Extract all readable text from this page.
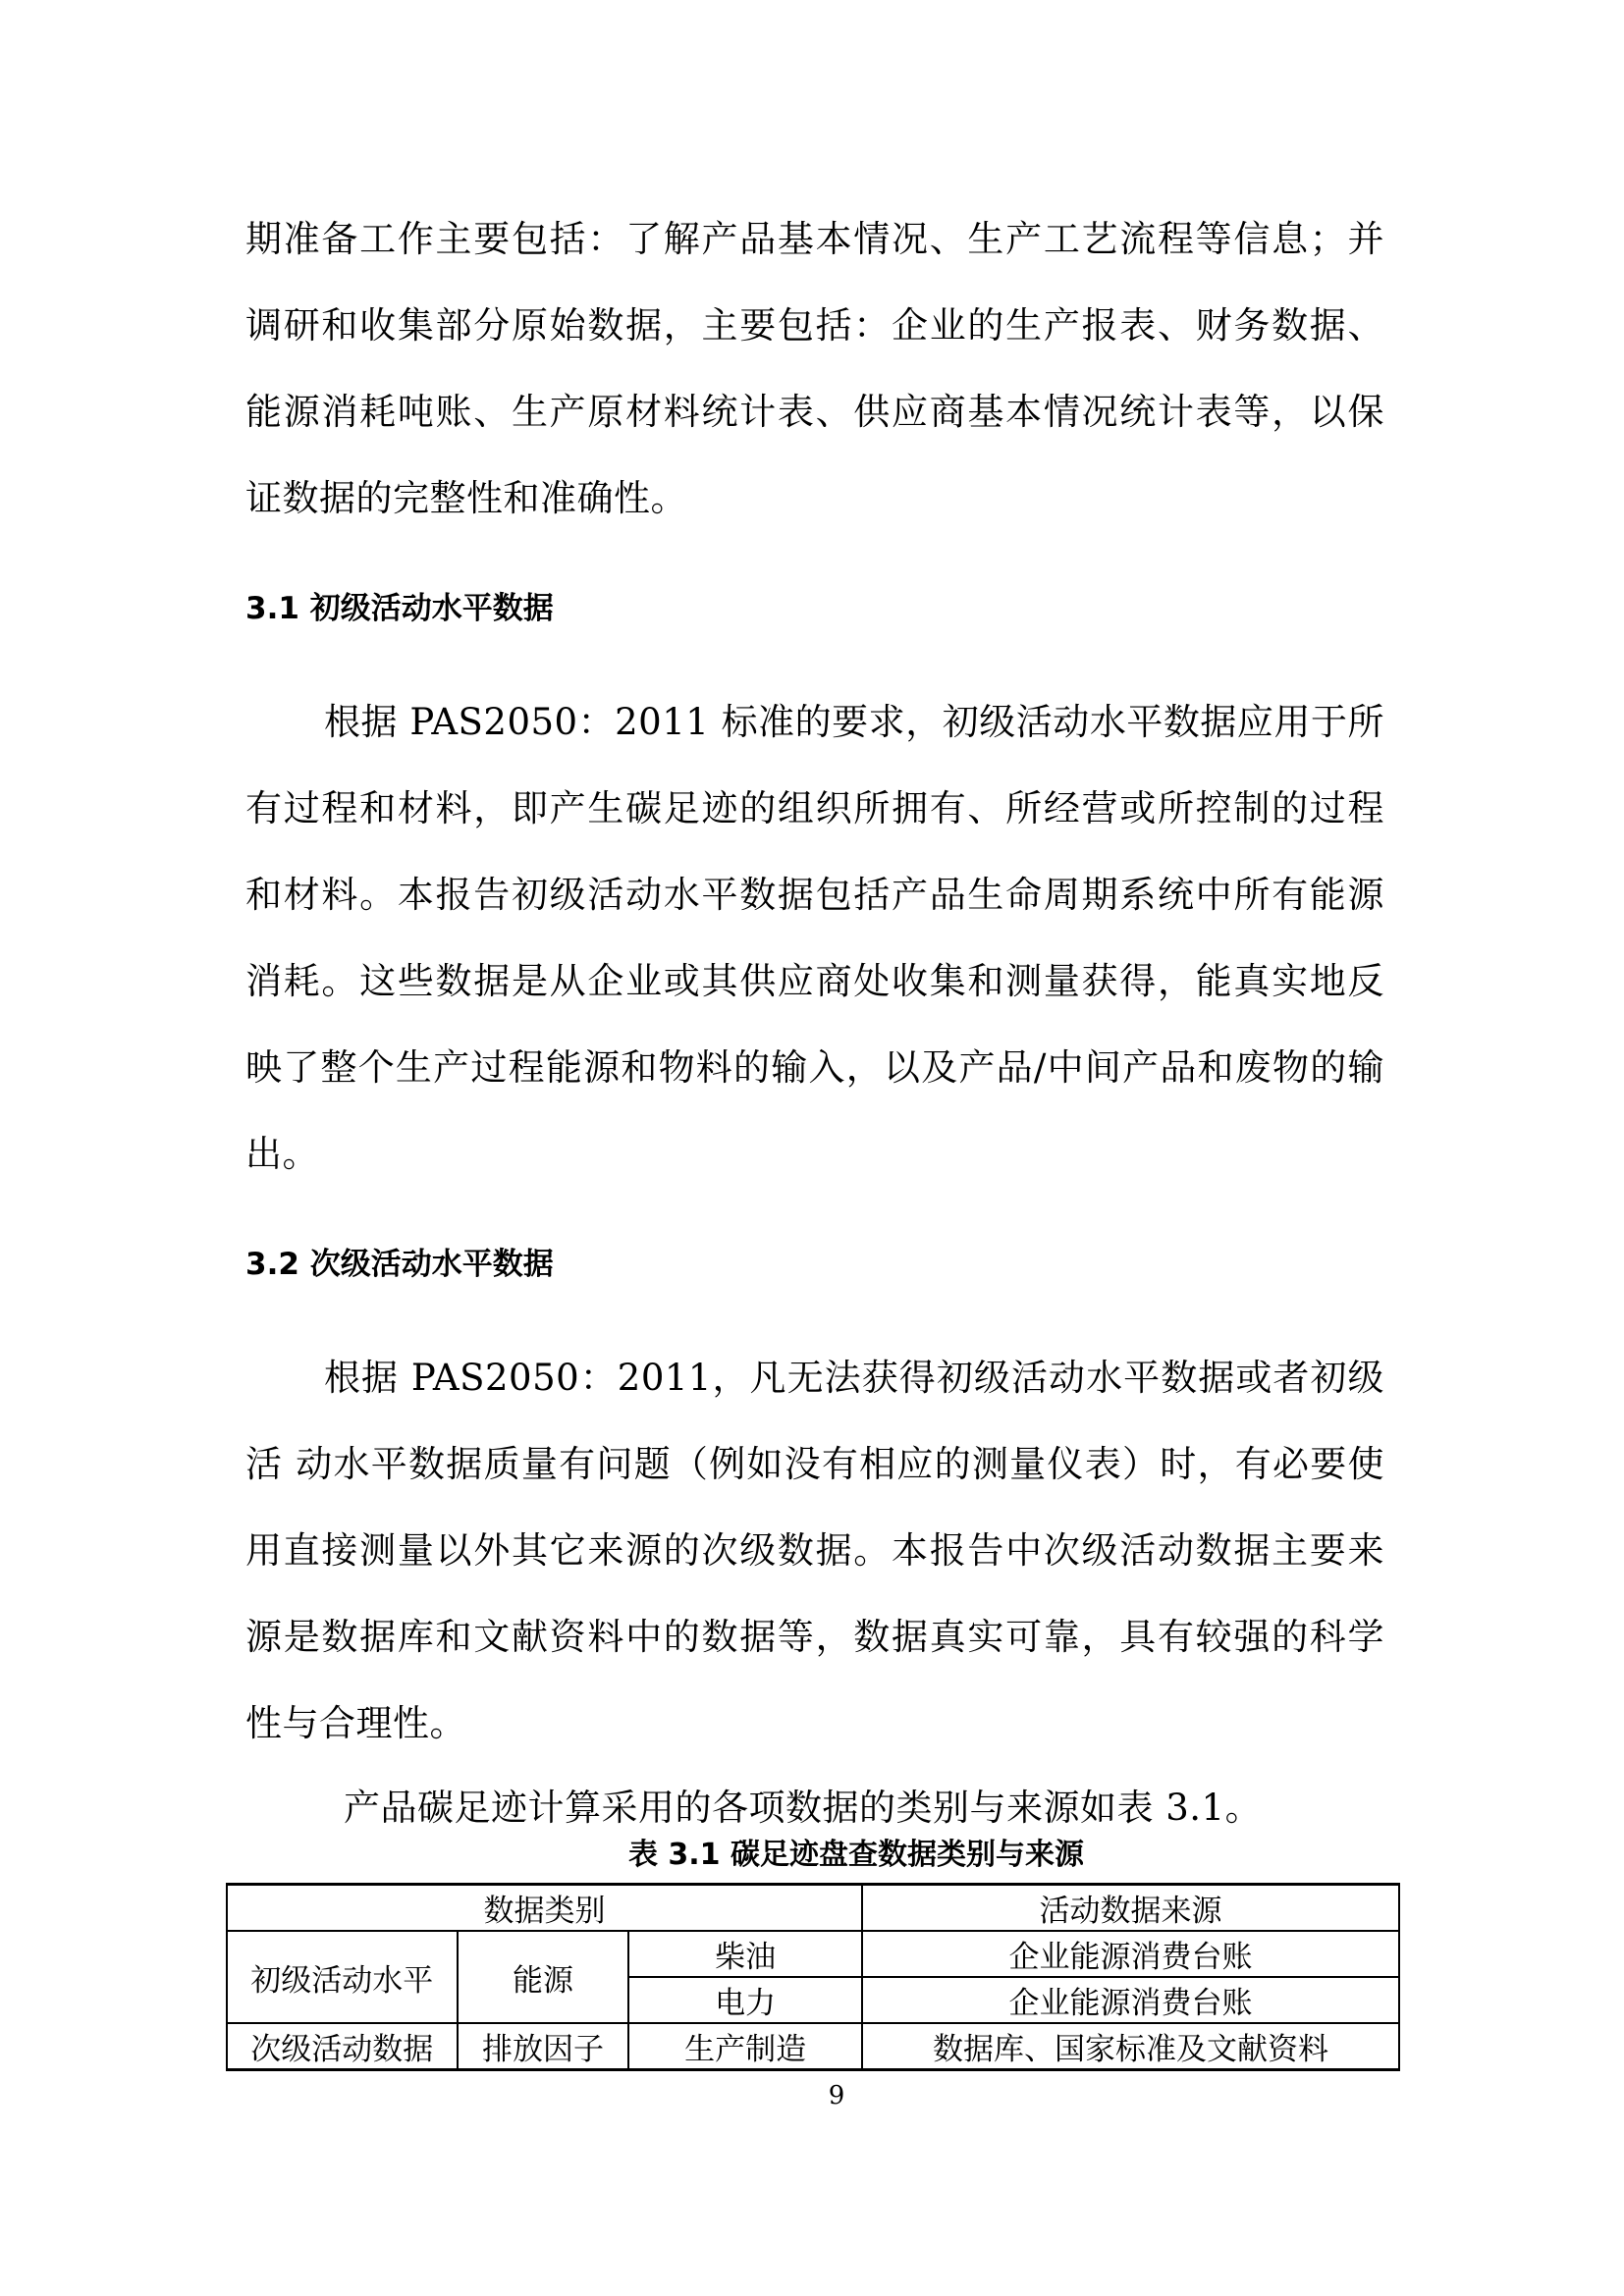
期准备工作主要包括：了解产品基本情况、生产工艺流程等信息；并调研和收集部分原始数据，主要包括：企业的生产报表、财务数据、能源消耗吨账、生产原材料统计表、供应商基本情况统计表等，以保证数据的完整性和准确性。

3.1 初级活动水平数据

根据 PAS2050：2011 标准的要求，初级活动水平数据应用于所有过程和材料，即产生碳足迹的组织所拥有、所经营或所控制的过程和材料。本报告初级活动水平数据包括产品生命周期系统中所有能源消耗。这些数据是从企业或其供应商处收集和测量获得，能真实地反映了整个生产过程能源和物料的输入，以及产品/中间产品和废物的输出。

3.2 次级活动水平数据

根据 PAS2050：2011，凡无法获得初级活动水平数据或者初级活 动水平数据质量有问题（例如没有相应的测量仪表）时，有必要使用直接测量以外其它来源的次级数据。本报告中次级活动数据主要来源是数据库和文献资料中的数据等，数据真实可靠，具有较强的科学性与合理性。

产品碳足迹计算采用的各项数据的类别与来源如表 3.1。

表 3.1 碳足迹盘查数据类别与来源
数据类别			活动数据来源
初级活动水平	能源	柴油	企业能源消费台账
		电力	企业能源消费台账
次级活动数据	排放因子	生产制造	数据库、国家标准及文献资料
9
